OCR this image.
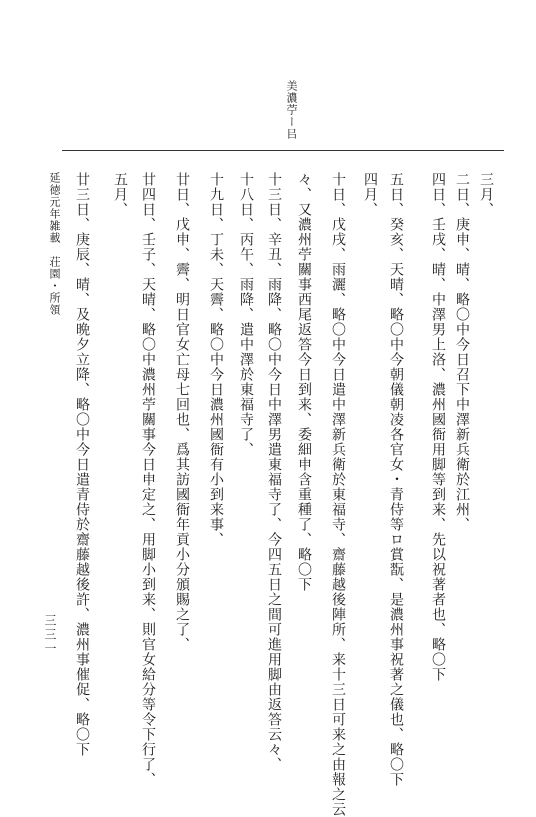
美濃苧ー㠯
三月、
二日、庚申、晴、略〇中今日召下中澤新兵衛於江州、
四日、壬戌、晴、中澤男上洛、濃州國衙用脚等到来、先以祝著者也、略〇下
五日、癸亥、天晴、略〇中今朝儀朝凌各官女・青侍等ロ賞翫、是濃州事祝著之儀也、略〇下
四月、
十日、戊戌、雨灑、略〇中今日遣中澤新兵衛於東福寺、齋藤越後陣所、来十三日可来之由報之云
々、又濃州苧關事西尾返答今日到来、委細申含重種了、略〇下
十三日、辛丑、雨降、略〇中今日中澤男遣東福寺了、今四五日之間可進用脚由返答云々、
十八日、丙午、雨降、遣中澤於東福寺了、
十九日、丁未、天霽、略〇中今日濃州國衙有小到来事、
廿日、戊申、霽、明日官女亡母七回也、爲其訪國衙年貢小分頒賜之了、
廿四日、壬子、天晴、略〇中濃州苧關事今日申定之、用脚小到来、則官女給分等令下行了、
五月、
廿三日、庚辰、晴、及晩夕立降、略〇中今日遣青侍於齋藤越後許、濃州事催促、略〇下
延徳元年雑載　荘園・所領
三三一
